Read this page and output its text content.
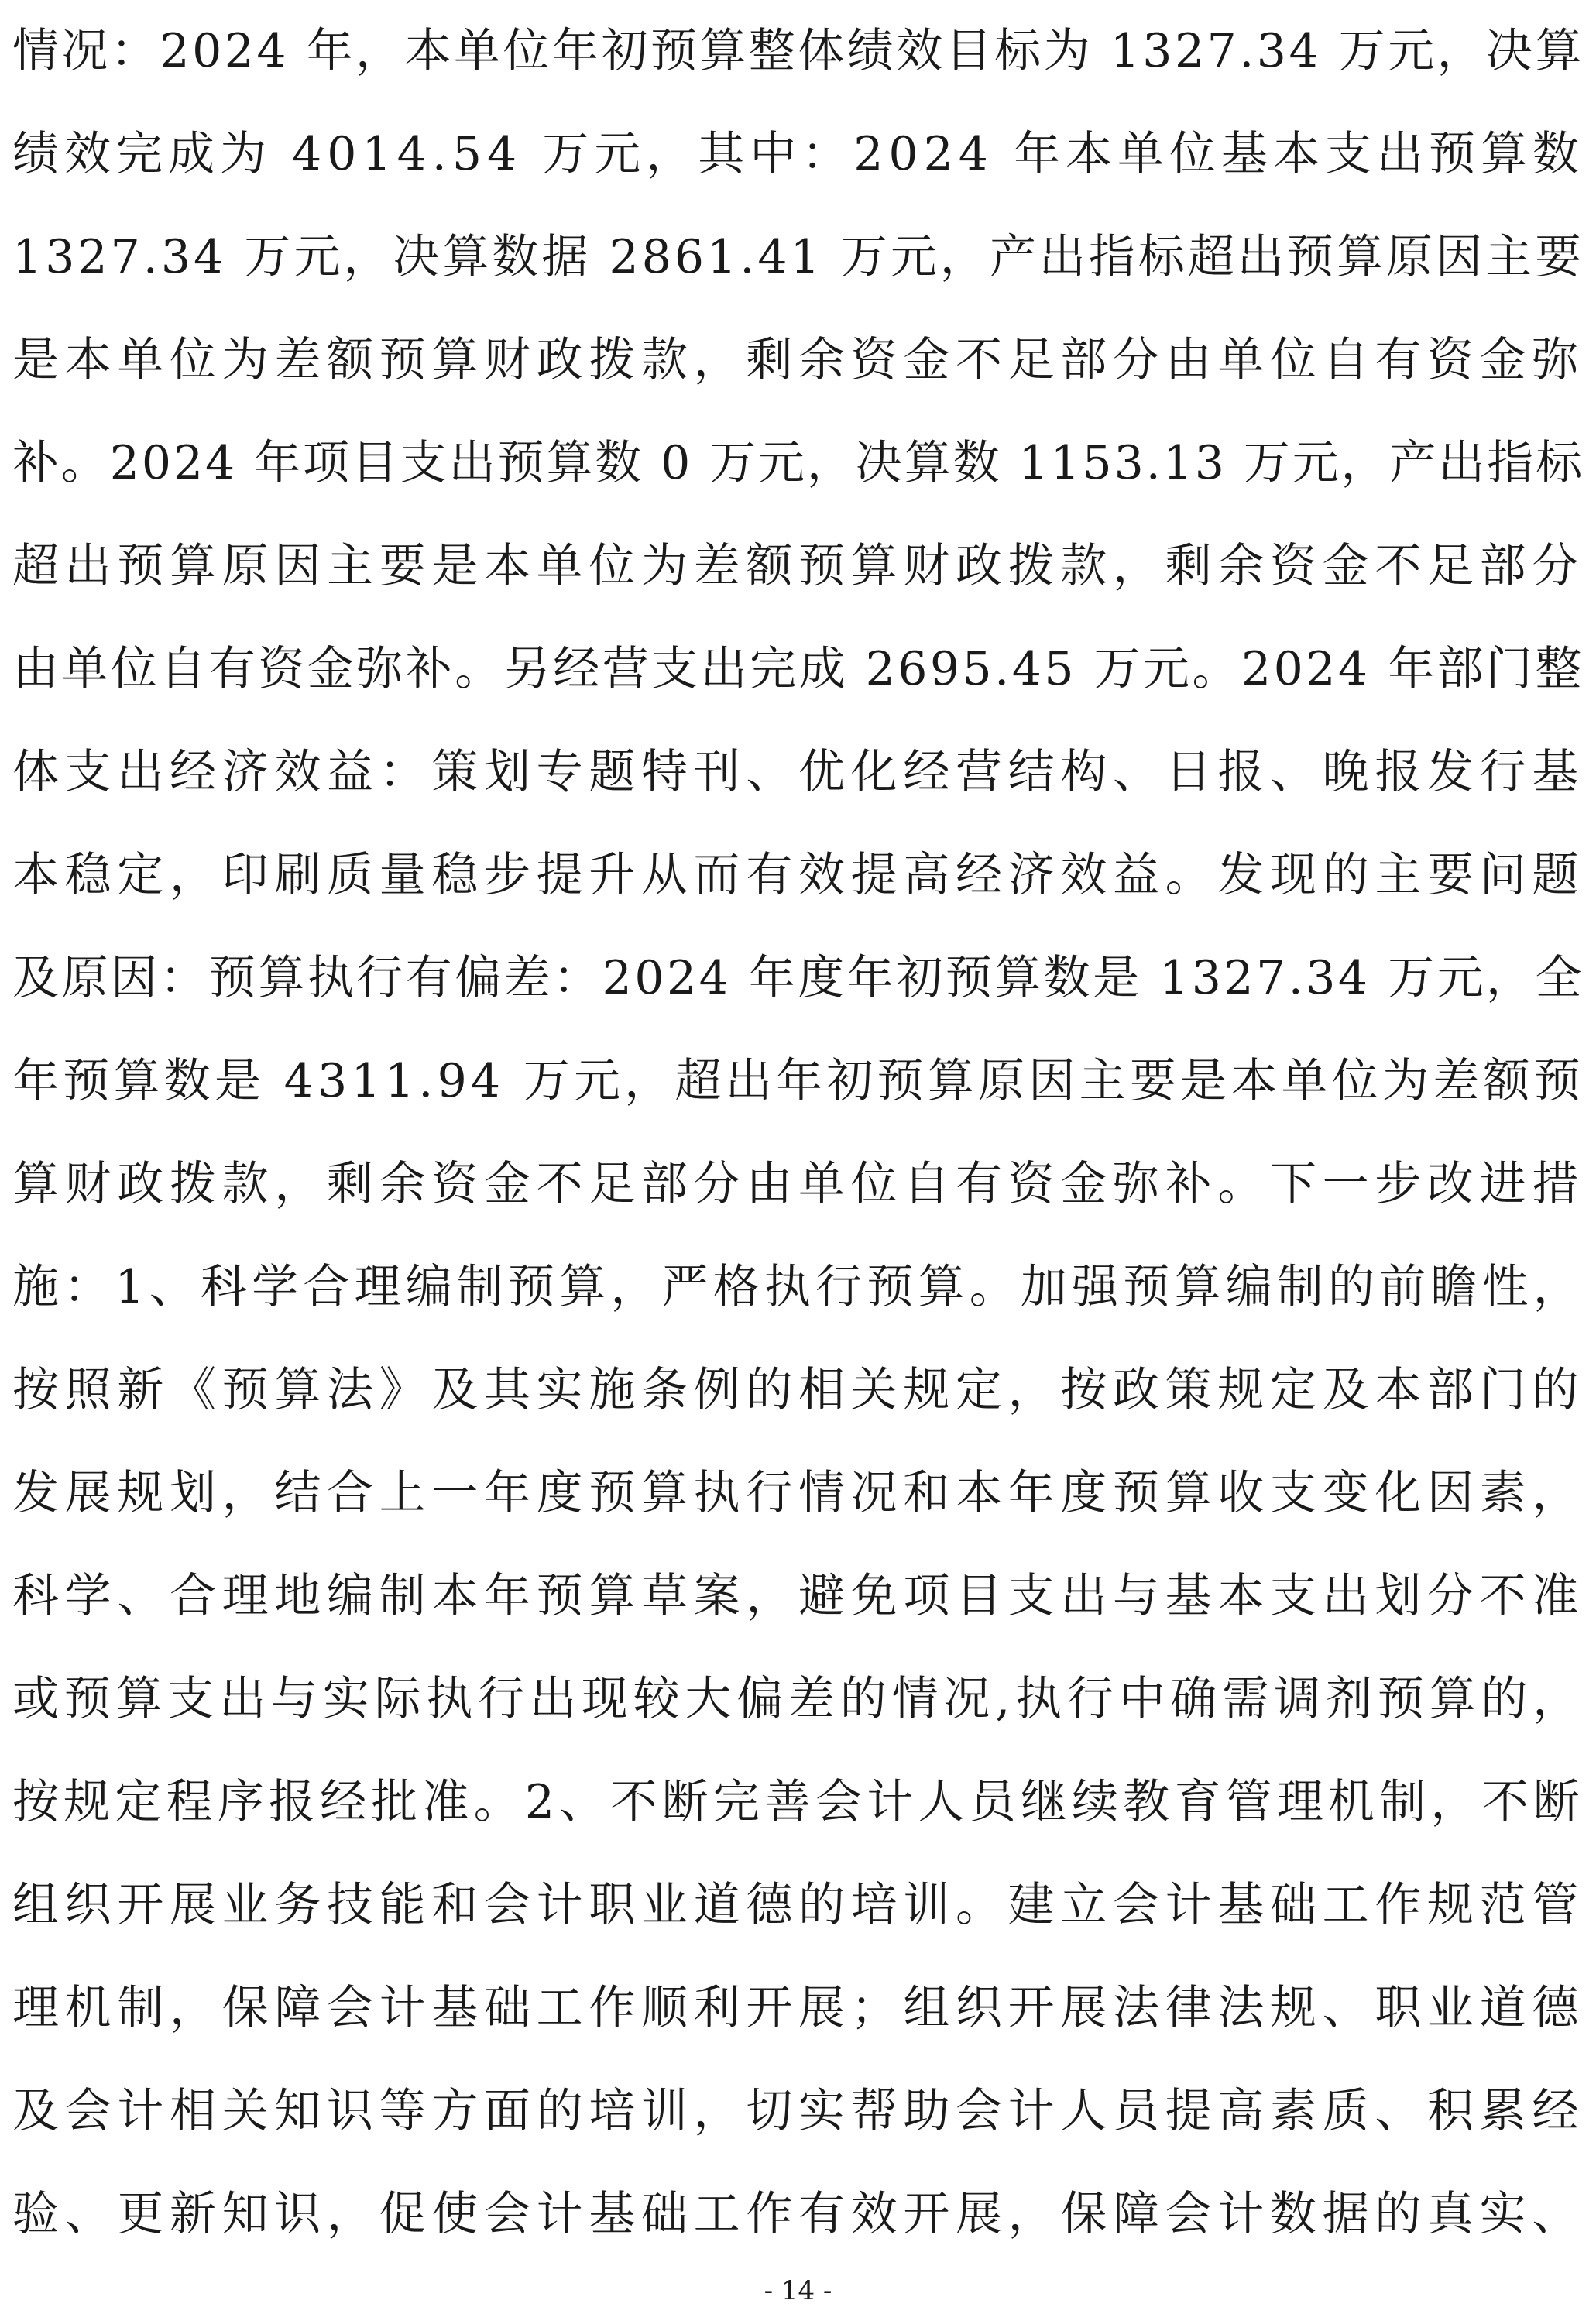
情况：2024 年，本单位年初预算整体绩效目标为 1327.34 万元，决算
绩效完成为 4014.54 万元，其中：2024 年本单位基本支出预算数
1327.34 万元，决算数据 2861.41 万元，产出指标超出预算原因主要
是本单位为差额预算财政拨款，剩余资金不足部分由单位自有资金弥
补。2024 年项目支出预算数 0 万元，决算数 1153.13 万元，产出指标
超出预算原因主要是本单位为差额预算财政拨款，剩余资金不足部分
由单位自有资金弥补。另经营支出完成 2695.45 万元。2024 年部门整
体支出经济效益：策划专题特刊、优化经营结构、日报、晚报发行基
本稳定，印刷质量稳步提升从而有效提高经济效益。发现的主要问题
及原因：预算执行有偏差：2024 年度年初预算数是 1327.34 万元，全
年预算数是 4311.94 万元，超出年初预算原因主要是本单位为差额预
算财政拨款，剩余资金不足部分由单位自有资金弥补。下一步改进措
施：1、科学合理编制预算，严格执行预算。加强预算编制的前瞻性，
按照新《预算法》及其实施条例的相关规定，按政策规定及本部门的
发展规划，结合上一年度预算执行情况和本年度预算收支变化因素，
科学、合理地编制本年预算草案，避免项目支出与基本支出划分不准
或预算支出与实际执行出现较大偏差的情况,执行中确需调剂预算的，
按规定程序报经批准。2、不断完善会计人员继续教育管理机制，不断
组织开展业务技能和会计职业道德的培训。建立会计基础工作规范管
理机制，保障会计基础工作顺利开展；组织开展法律法规、职业道德
及会计相关知识等方面的培训，切实帮助会计人员提高素质、积累经
验、更新知识，促使会计基础工作有效开展，保障会计数据的真实、
- 14 -
